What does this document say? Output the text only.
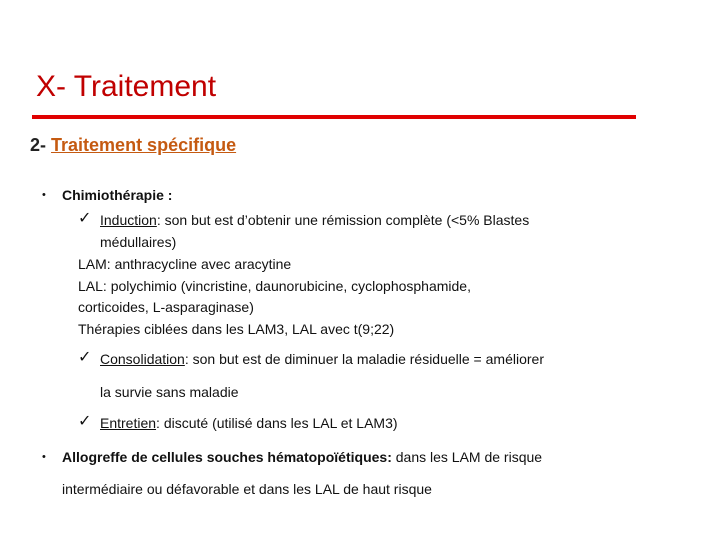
X- Traitement
2- Traitement spécifique
• Chimiothérapie :
✓ Induction: son but est d’obtenir une rémission complète (<5% Blastes
médullaires)
LAM: anthracycline avec aracytine
LAL: polychimio (vincristine, daunorubicine, cyclophosphamide,
corticoides, L-asparaginase)
Thérapies ciblées dans les LAM3, LAL avec t(9;22)
✓ Consolidation: son but est de diminuer la maladie résiduelle = améliorer
la survie sans maladie
✓ Entretien: discuté (utilisé dans les LAL et LAM3)
• Allogreffe de cellules souches hématopoïétiques: dans les LAM de risque
intermédiaire ou défavorable et dans les LAL de haut risque
